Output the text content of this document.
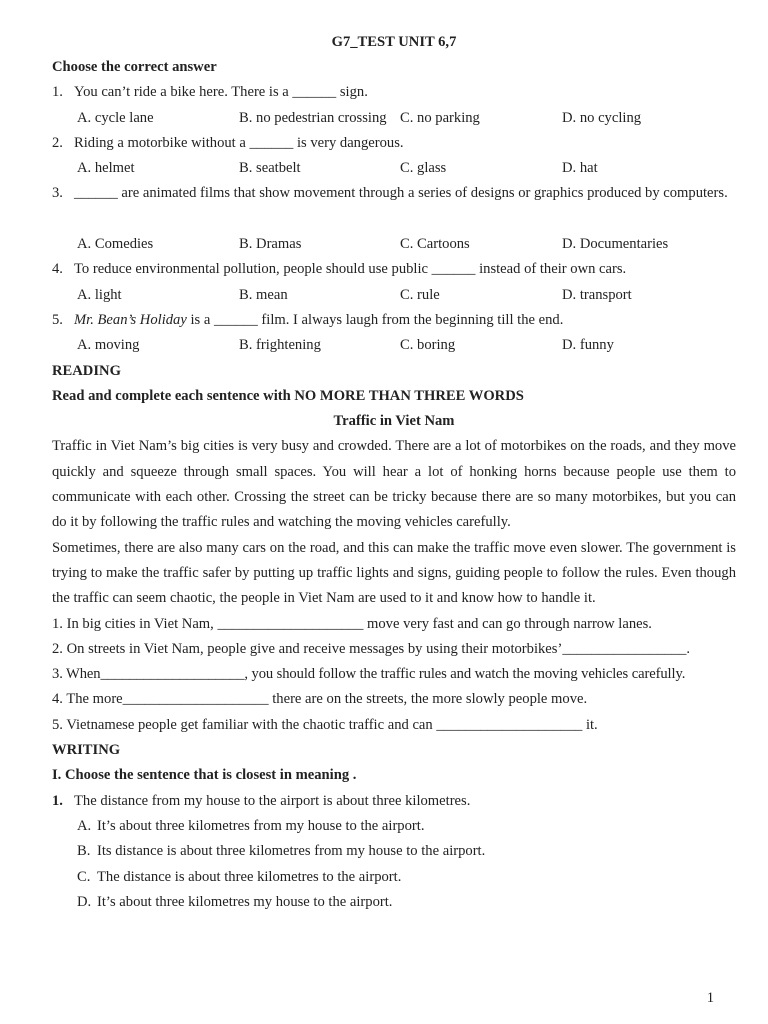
G7_TEST UNIT 6,7
Choose the correct answer
1. You can’t ride a bike here. There is a ______ sign.
A. cycle lane	B. no pedestrian crossing C. no parking	D. no cycling
2. Riding a motorbike without a ______ is very dangerous.
A. helmet	B. seatbelt	C. glass	D. hat
3. ______ are animated films that show movement through a series of designs or graphics produced by computers.
A. Comedies	B. Dramas	C. Cartoons	D. Documentaries
4. To reduce environmental pollution, people should use public ______ instead of their own cars.
A. light	B. mean	C. rule	D. transport
5. Mr. Bean’s Holiday is a ______ film. I always laugh from the beginning till the end.
A. moving	B. frightening	C. boring	D. funny
READING
Read and complete each sentence with NO MORE THAN THREE WORDS
Traffic in Viet Nam
Traffic in Viet Nam’s big cities is very busy and crowded. There are a lot of motorbikes on the roads, and they move quickly and squeeze through small spaces. You will hear a lot of honking horns because people use them to communicate with each other. Crossing the street can be tricky because there are so many motorbikes, but you can do it by following the traffic rules and watching the moving vehicles carefully.
Sometimes, there are also many cars on the road, and this can make the traffic move even slower. The government is trying to make the traffic safer by putting up traffic lights and signs, guiding people to follow the rules. Even though the traffic can seem chaotic, the people in Viet Nam are used to it and know how to handle it.
1. In big cities in Viet Nam, ____________________ move very fast and can go through narrow lanes.
2. On streets in Viet Nam, people give and receive messages by using their motorbikes’_________________.
3. When____________________, you should follow the traffic rules and watch the moving vehicles carefully.
4. The more____________________ there are on the streets, the more slowly people move.
5. Vietnamese people get familiar with the chaotic traffic and can ____________________ it.
WRITING
I. Choose the sentence that is closest in meaning .
1. The distance from my house to the airport is about three kilometres.
A. It’s about three kilometres from my house to the airport.
B. Its distance is about three kilometres from my house to the airport.
C. The distance is about three kilometres to the airport.
D. It’s about three kilometres my house to the airport.
1
